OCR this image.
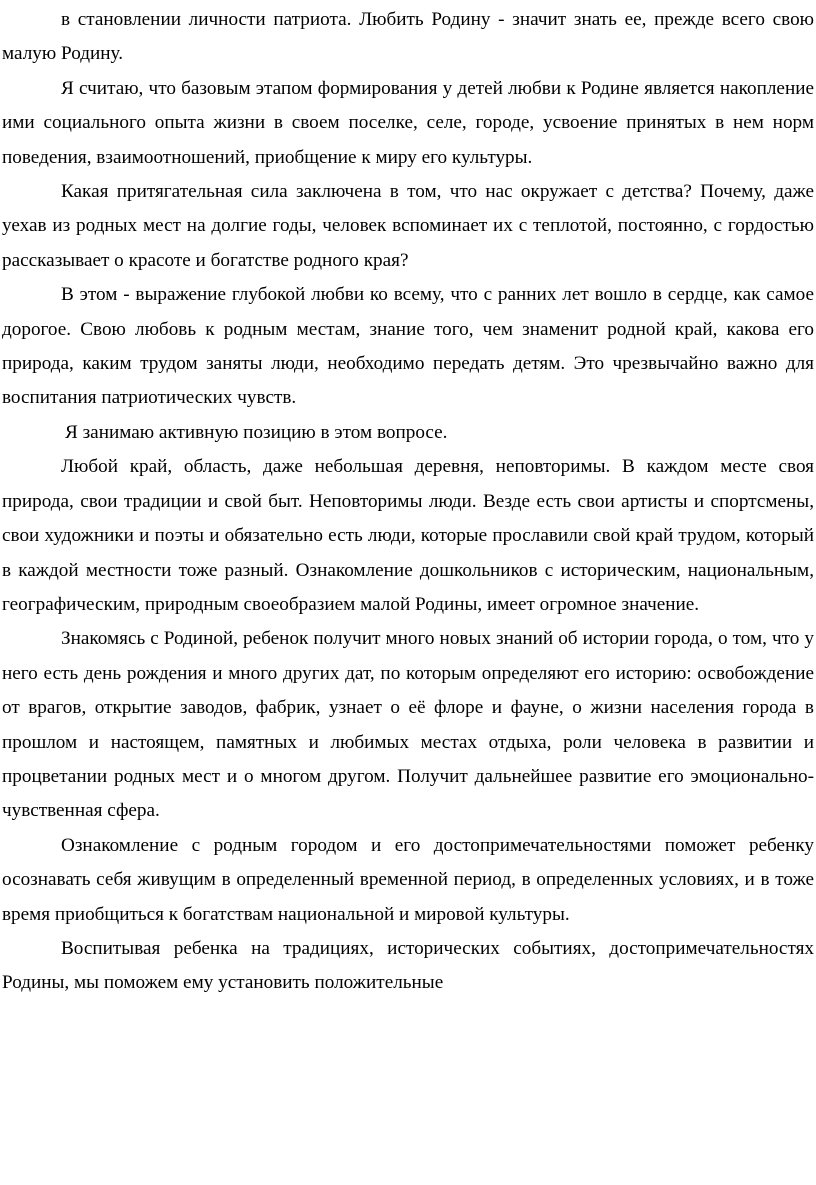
в становлении личности патриота. Любить Родину - значит знать ее, прежде всего свою малую Родину.

Я считаю, что базовым этапом формирования у детей любви к Родине является накопление ими социального опыта жизни в своем поселке, селе, городе, усвоение принятых в нем норм поведения, взаимоотношений, приобщение к миру его культуры.

Какая притягательная сила заключена в том, что нас окружает с детства? Почему, даже уехав из родных мест на долгие годы, человек вспоминает их с теплотой, постоянно, с гордостью рассказывает о красоте и богатстве родного края?

В этом - выражение глубокой любви ко всему, что с ранних лет вошло в сердце, как самое дорогое. Свою любовь к родным местам, знание того, чем знаменит родной край, какова его природа, каким трудом заняты люди, необходимо передать детям. Это чрезвычайно важно для воспитания патриотических чувств.

Я занимаю активную позицию в этом вопросе.

Любой край, область, даже небольшая деревня, неповторимы. В каждом месте своя природа, свои традиции и свой быт. Неповторимы люди. Везде есть свои артисты и спортсмены, свои художники и поэты и обязательно есть люди, которые прославили свой край трудом, который в каждой местности тоже разный. Ознакомление дошкольников с историческим, национальным, географическим, природным своеобразием малой Родины, имеет огромное значение.

Знакомясь с Родиной, ребенок получит много новых знаний об истории города, о том, что у него есть день рождения и много других дат, по которым определяют его историю: освобождение от врагов, открытие заводов, фабрик, узнает о её флоре и фауне, о жизни населения города в прошлом и настоящем, памятных и любимых местах отдыха, роли человека в развитии и процветании родных мест и о многом другом. Получит дальнейшее развитие его эмоционально-чувственная сфера.

Ознакомление с родным городом и его достопримечательностями поможет ребенку осознавать себя живущим в определенный временной период, в определенных условиях, и в тоже время приобщиться к богатствам национальной и мировой культуры.

Воспитывая ребенка на традициях, исторических событиях, достопримечательностях Родины, мы поможем ему установить положительные
